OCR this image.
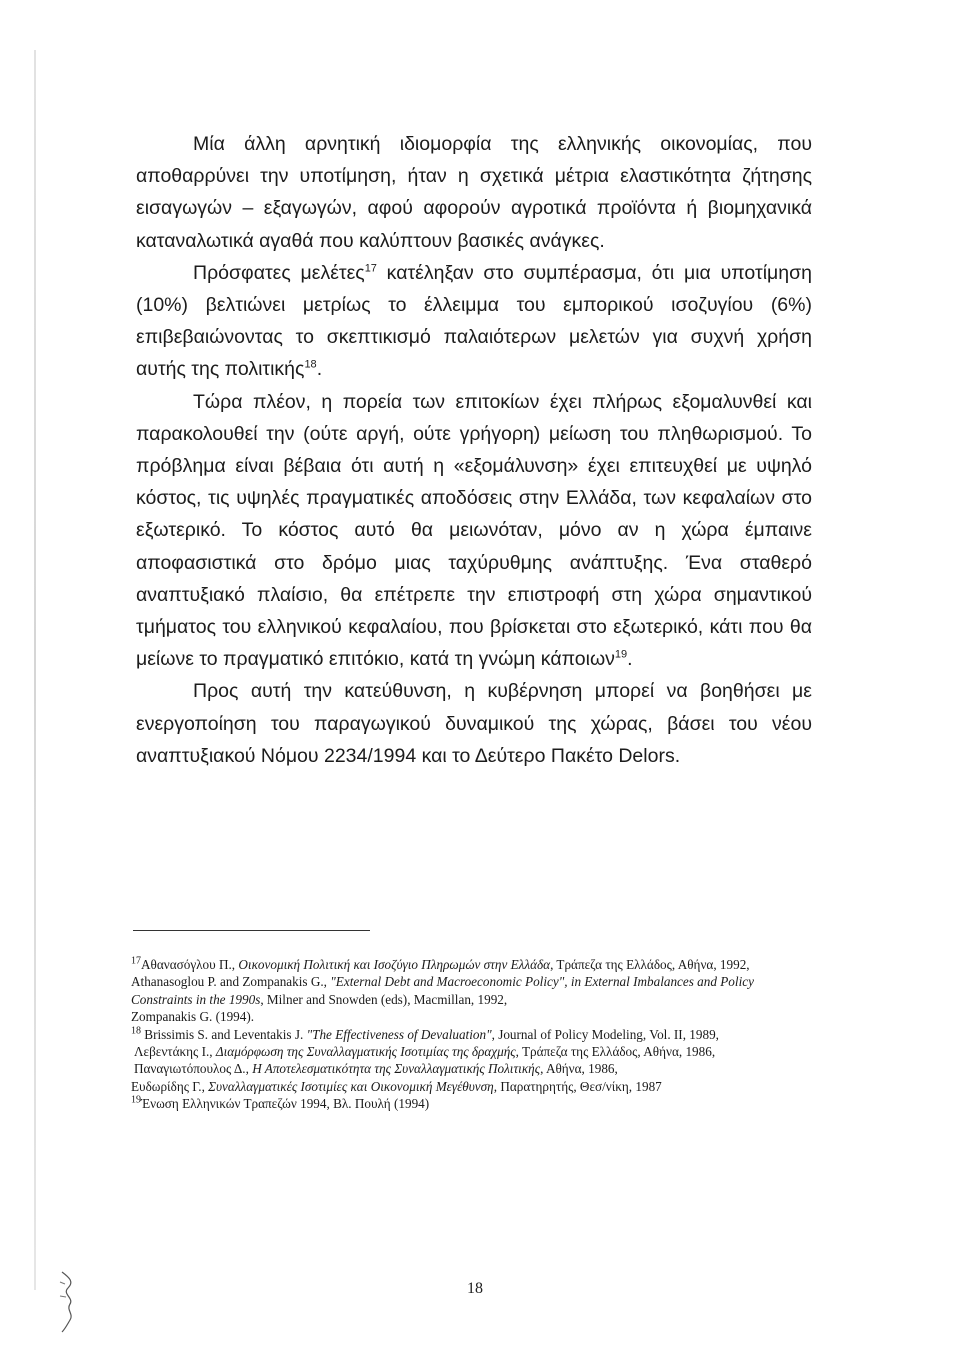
Μία άλλη αρνητική ιδιομορφία της ελληνικής οικονομίας, που αποθαρρύνει την υποτίμηση, ήταν η σχετικά μέτρια ελαστικότητα ζήτησης εισαγωγών – εξαγωγών, αφού αφορούν αγροτικά προϊόντα ή βιομηχανικά καταναλωτικά αγαθά που καλύπτουν βασικές ανάγκες.

Πρόσφατες μελέτες$^{17}$ κατέληξαν στο συμπέρασμα, ότι μια υποτίμηση (10%) βελτιώνει μετρίως το έλλειμμα του εμπορικού ισοζυγίου (6%) επιβεβαιώνοντας το σκεπτικισμό παλαιότερων μελετών για συχνή χρήση αυτής της πολιτικής$^{18}$.

Τώρα πλέον, η πορεία των επιτοκίων έχει πλήρως εξομαλυνθεί και παρακολουθεί την (ούτε αργή, ούτε γρήγορη) μείωση του πληθωρισμού. Το πρόβλημα είναι βέβαια ότι αυτή η «εξομάλυνση» έχει επιτευχθεί με υψηλό κόστος, τις υψηλές πραγματικές αποδόσεις στην Ελλάδα, των κεφαλαίων στο εξωτερικό. Το κόστος αυτό θα μειωνόταν, μόνο αν η χώρα έμπαινε αποφασιστικά στο δρόμο μιας ταχύρυθμης ανάπτυξης. Ένα σταθερό αναπτυξιακό πλαίσιο, θα επέτρεπε την επιστροφή στη χώρα σημαντικού τμήματος του ελληνικού κεφαλαίου, που βρίσκεται στο εξωτερικό, κάτι που θα μείωνε το πραγματικό επιτόκιο, κατά τη γνώμη κάποιων$^{19}$.

Προς αυτή την κατεύθυνση, η κυβέρνηση μπορεί να βοηθήσει με ενεργοποίηση του παραγωγικού δυναμικού της χώρας, βάσει του νέου αναπτυξιακού Νόμου 2234/1994 και το Δεύτερο Πακέτο Delors.

$^{17}$Αθανασόγλου Π., Οικονομική Πολιτική και Ισοζύγιο Πληρωμών στην Ελλάδα, Τράπεζα της Ελλάδος, Αθήνα, 1992,

Athanasoglou P. and Zompanakis G., "External Debt and Macroeconomic Policy", in External Imbalances and Policy Constraints in the 1990s, Milner and Snowden (eds), Macmillan, 1992,

Zompanakis G. (1994).

$^{18}$ Brissimis S. and Leventakis J. "The Effectiveness of Devaluation", Journal of Policy Modeling, Vol. II, 1989,

Λεβεντάκης Ι., Διαμόρφωση της Συναλλαγματικής Ισοτιμίας της δραχμής, Τράπεζα της Ελλάδος, Αθήνα, 1986,

Παναγιωτόπουλος Δ., Η Αποτελεσματικότητα της Συναλλαγματικής Πολιτικής, Αθήνα, 1986,

Ευδωρίδης Γ., Συναλλαγματικές Ισοτιμίες και Οικονομική Μεγέθυνση, Παρατηρητής, Θεσ/νίκη, 1987

$^{19}$Ένωση Ελληνικών Τραπεζών 1994, Βλ. Πουλή (1994)

18
